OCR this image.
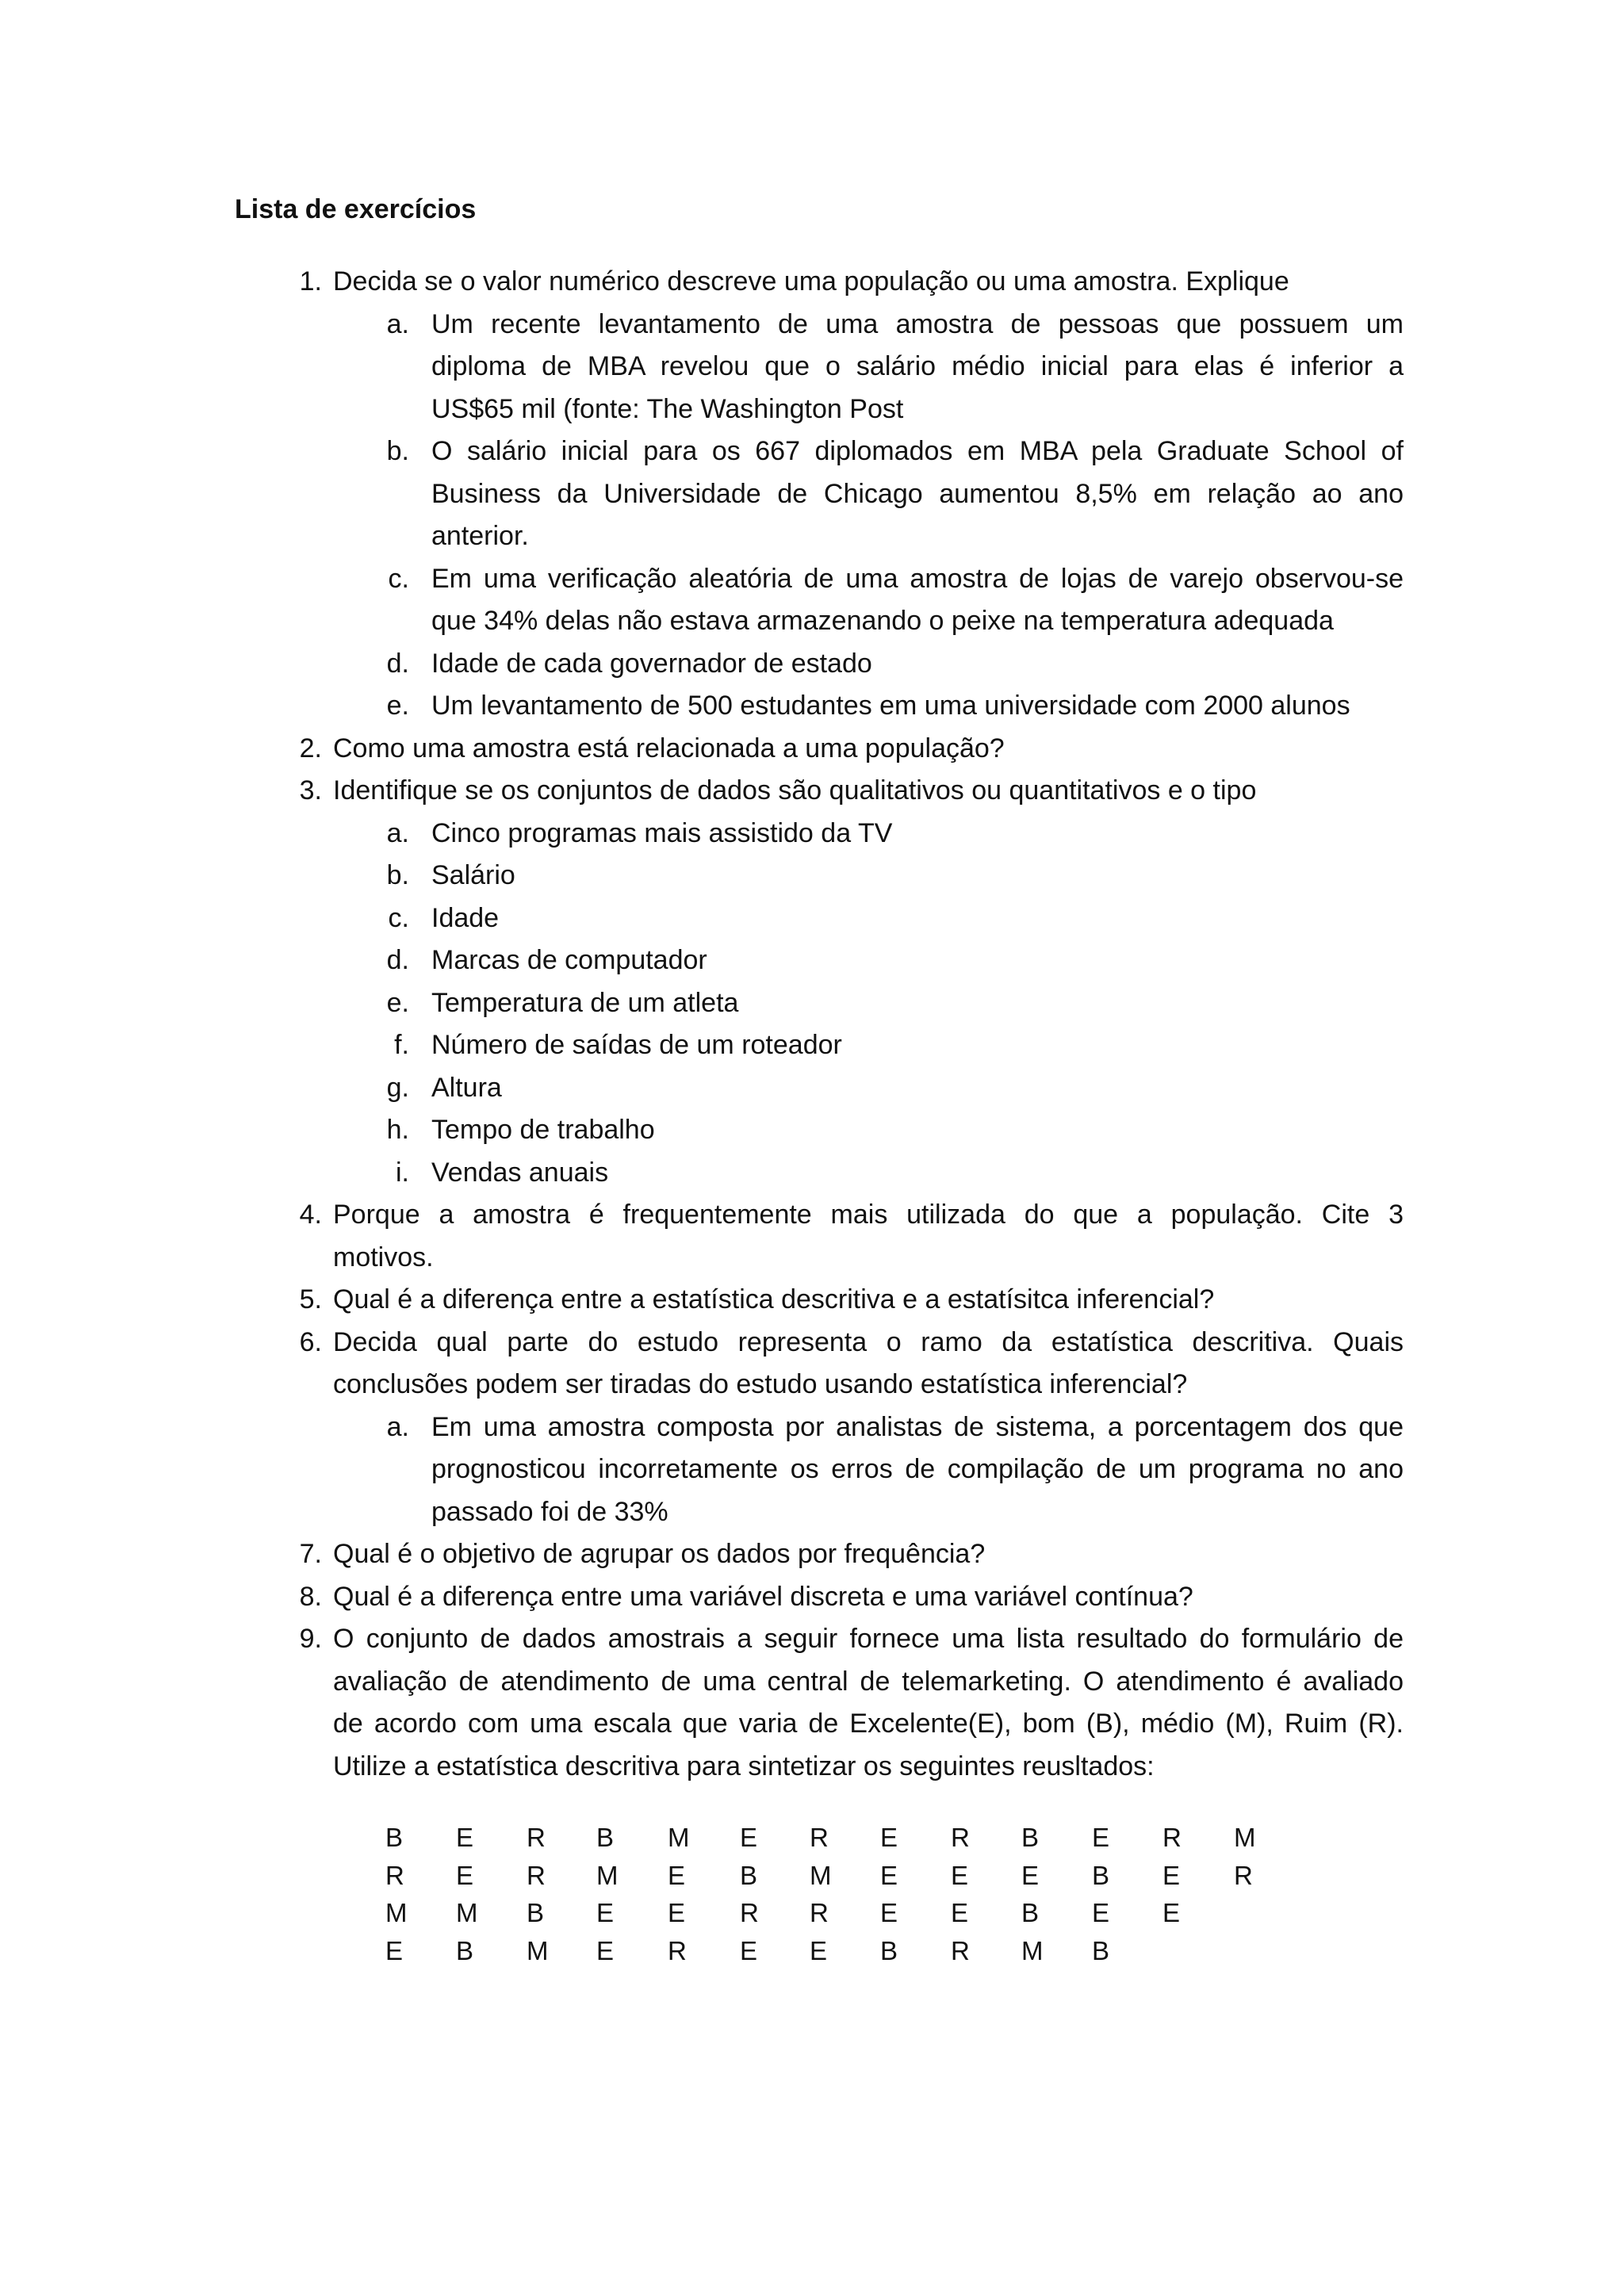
Lista de exercícios
1. Decida se o valor numérico descreve uma população ou uma amostra. Explique
a. Um recente levantamento de uma amostra de pessoas que possuem um
diploma de MBA revelou que o salário médio inicial para elas é inferior a
US$65 mil (fonte: The Washington Post
b. O salário inicial para os 667 diplomados em MBA pela Graduate School of
Business da Universidade de Chicago aumentou 8,5% em relação ao ano
anterior.
c. Em uma verificação aleatória de uma amostra de lojas de varejo observou-se
que 34% delas não estava armazenando o peixe na temperatura adequada
d. Idade de cada governador de estado
e. Um levantamento de 500 estudantes em uma universidade com 2000 alunos
2. Como uma amostra está relacionada a uma população?
3. Identifique se os conjuntos de dados são qualitativos ou quantitativos e o tipo
a. Cinco programas mais assistido da TV
b. Salário
c. Idade
d. Marcas de computador
e. Temperatura de um atleta
f. Número de saídas de um roteador
g. Altura
h. Tempo de trabalho
i. Vendas anuais
4. Porque a amostra é frequentemente mais utilizada do que a população. Cite 3
motivos.
5. Qual é a diferença entre a estatística descritiva e a estatísitca inferencial?
6. Decida qual parte do estudo representa o ramo da estatística descritiva. Quais
conclusões podem ser tiradas do estudo usando estatística inferencial?
a. Em uma amostra composta por analistas de sistema, a porcentagem dos que
prognosticou incorretamente os erros de compilação de um programa no ano
passado foi de 33%
7. Qual é o objetivo de agrupar os dados por frequência?
8. Qual é a diferença entre uma variável discreta e uma variável contínua?
9. O conjunto de dados amostrais a seguir fornece uma lista resultado do formulário de
avaliação de atendimento de uma central de telemarketing. O atendimento é avaliado
de acordo com uma escala que varia de Excelente(E), bom (B), médio (M), Ruim (R).
Utilize a estatística descritiva para sintetizar os seguintes reusltados:
B	E	R	B	M	E	R	E	R	B	E	R	M
R	E	R	M	E	B	M	E	E	E	B	E	R
M	M	B	E	E	R	R	E	E	B	E	E
E	B	M	E	R	E	E	B	R	M	B
